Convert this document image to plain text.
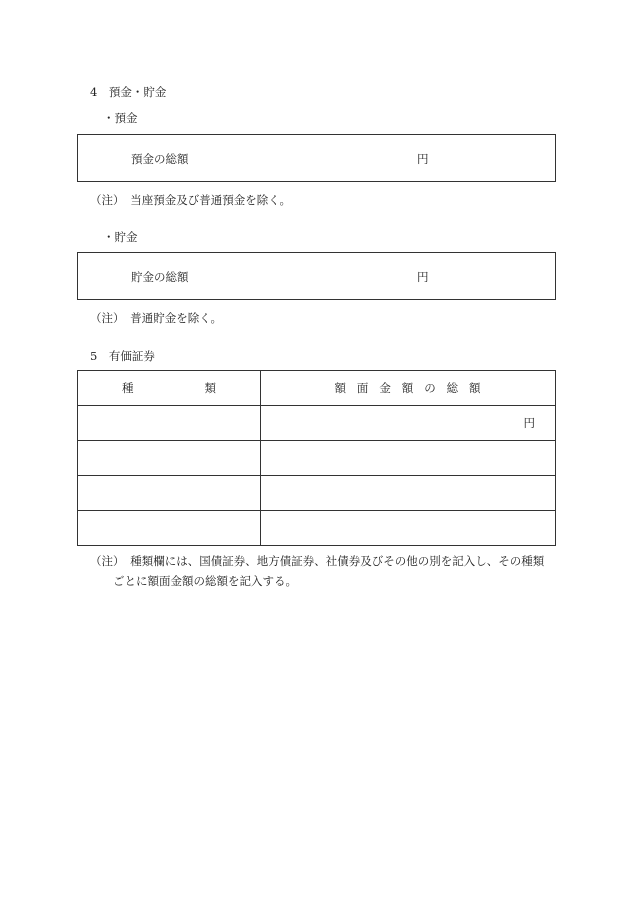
4　預金・貯金
・預金
預金の総額	円
（注）　当座預金及び普通預金を除く。
・貯金
貯金の総額	円
（注）　普通貯金を除く。
5　有価証券
種 類	額面金額の総額

	円

（注）　種類欄には、国債証券、地方債証券、社債券及びその他の別を記入し、その種類
ごとに額面金額の総額を記入する。
